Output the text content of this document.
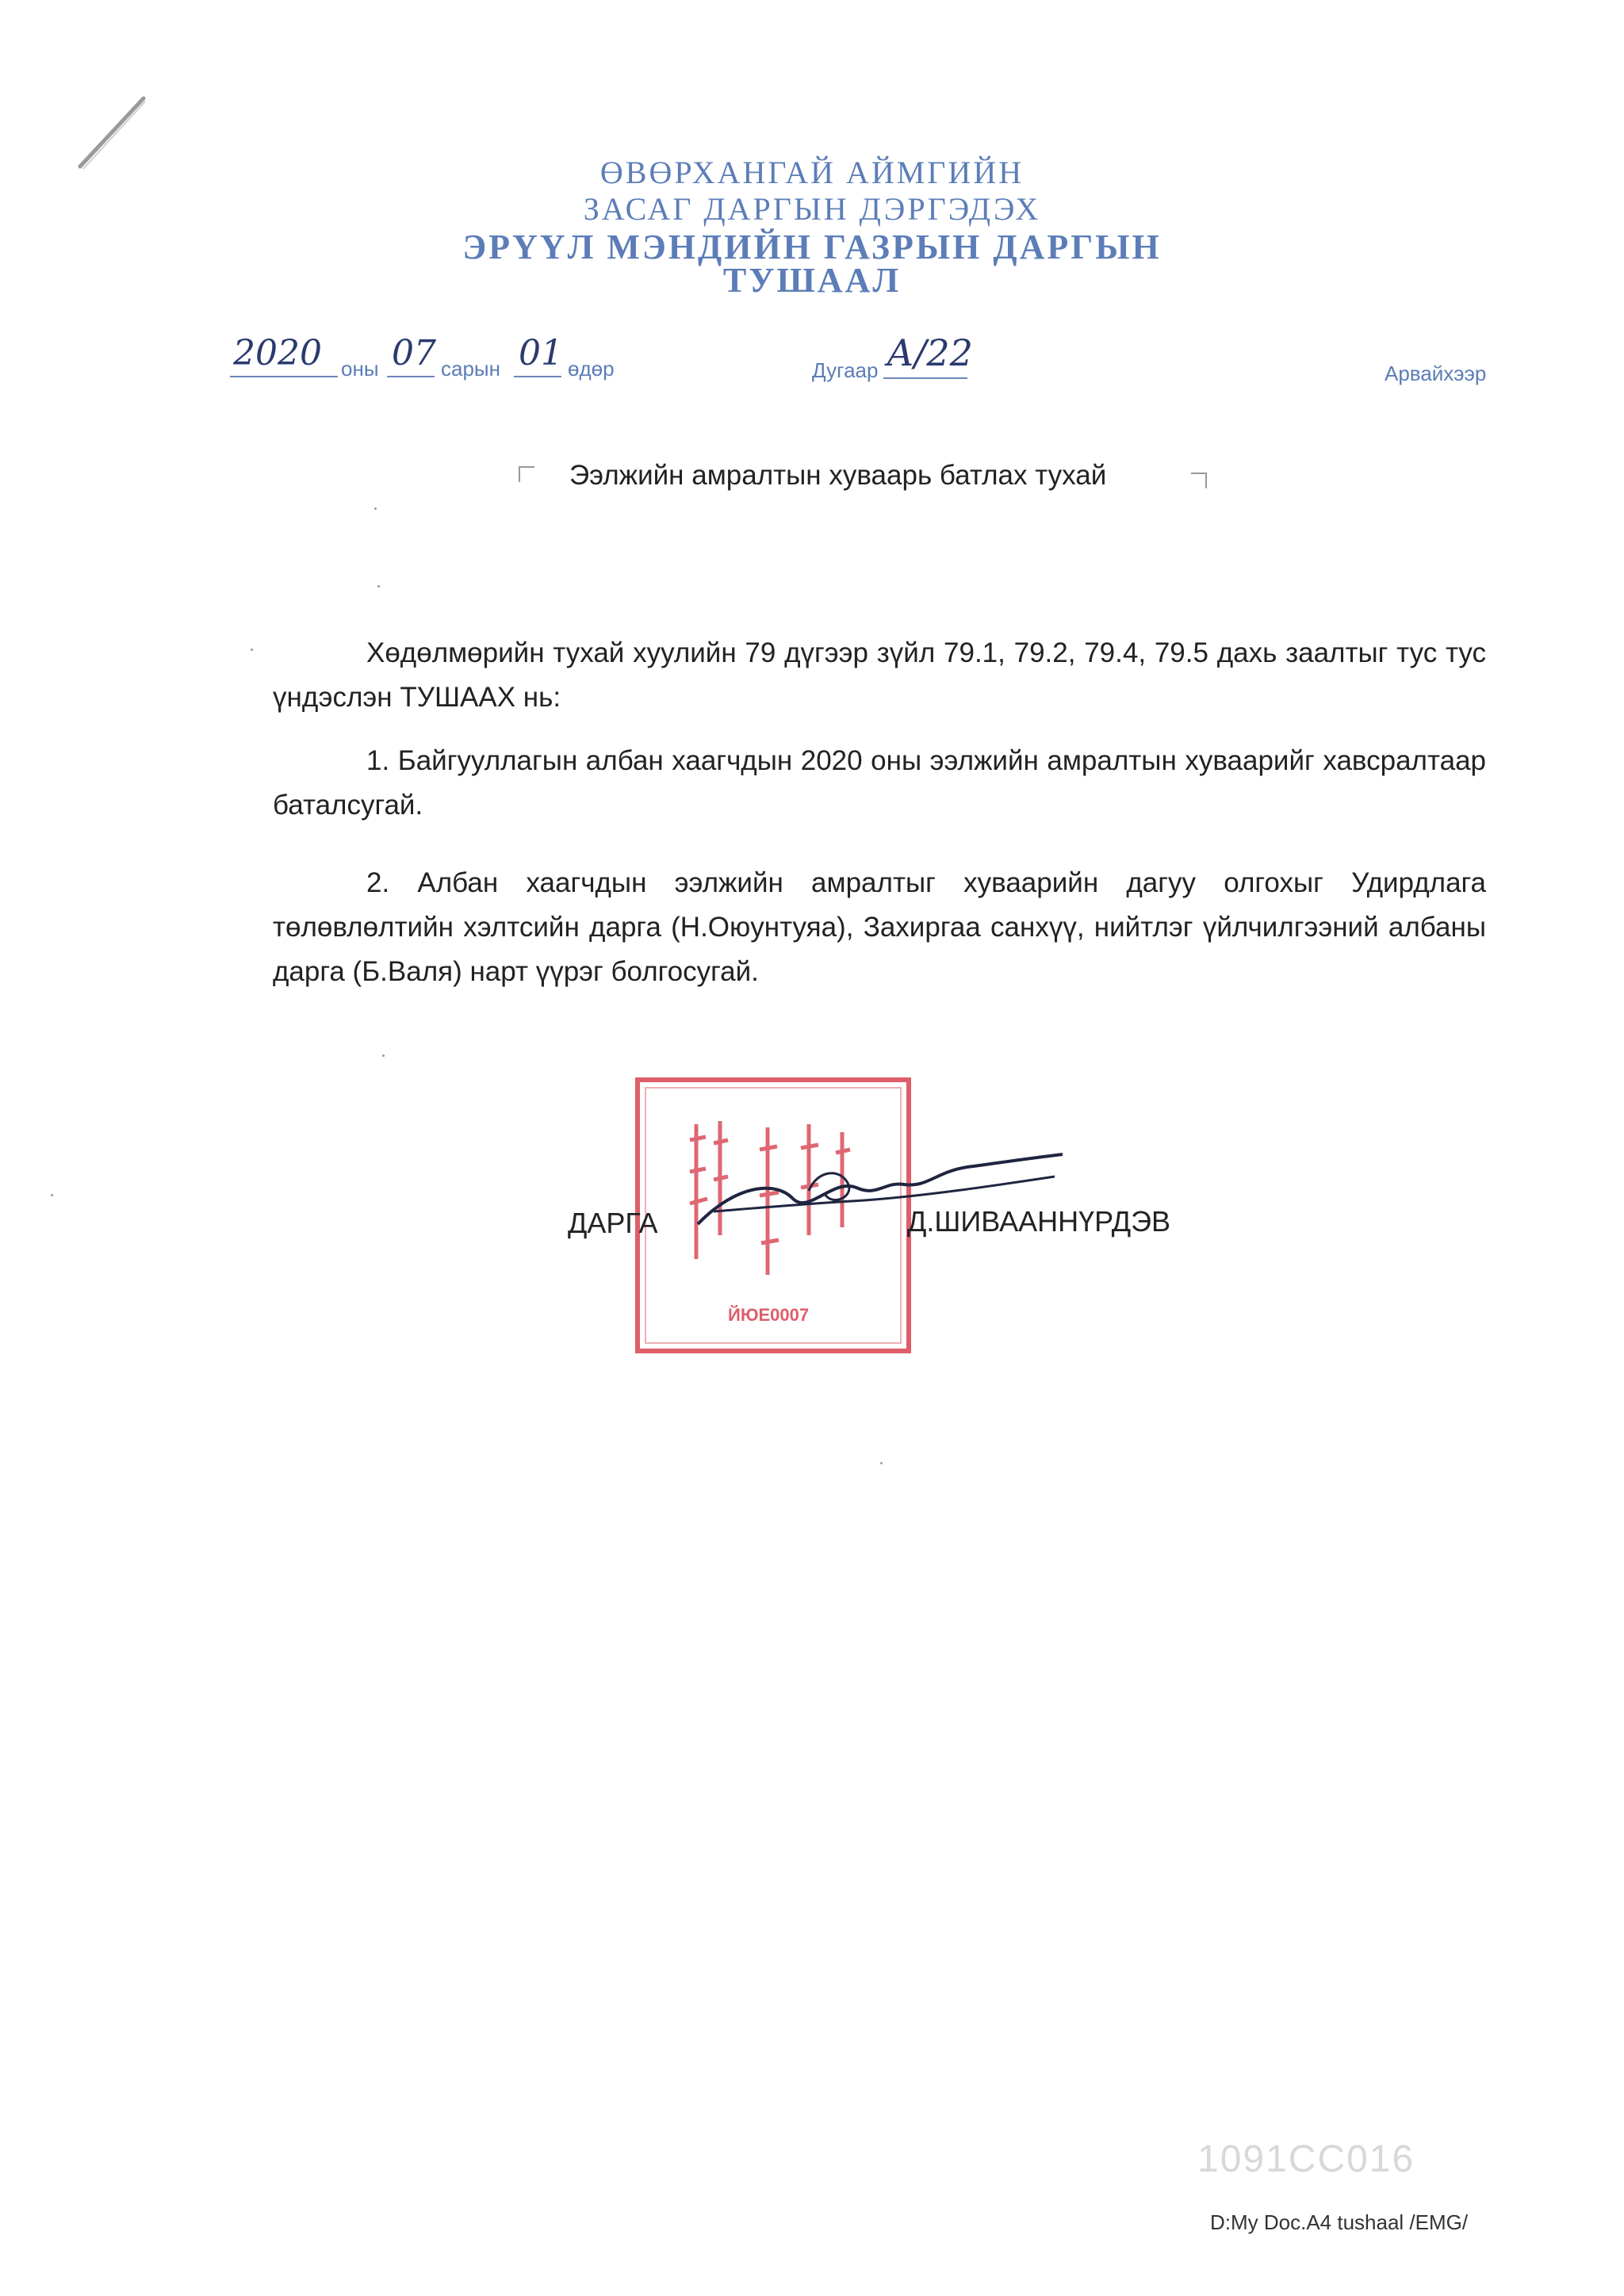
ӨВӨРХАНГАЙ АЙМГИЙН
ЗАСАГ ДАРГЫН ДЭРГЭДЭХ
ЭРҮҮЛ МЭНДИЙН ГАЗРЫН ДАРГЫН
ТУШААЛ
2020 оны 07 сарын 01 өдөр	Дугаар А/22	Арвайхээр
Ээлжийн амралтын хуваарь батлах тухай
Хөдөлмөрийн тухай хуулийн 79 дүгээр зүйл 79.1, 79.2, 79.4, 79.5 дахь заалтыг тус тус үндэслэн ТУШААХ нь:
1. Байгууллагын албан хаагчдын 2020 оны ээлжийн амралтын хуваарийг хавсралтаар баталсугай.
2. Албан хаагчдын ээлжийн амралтыг хуваарийн дагуу олгохыг Удирдлага төлөвлөлтийн хэлтсийн дарга (Н.Оюунтуяа), Захиргаа санхүү, нийтлэг үйлчилгээний албаны дарга (Б.Валя) нарт үүрэг болгосугай.
ЙЮЕ0007
ДАРГА	Д.ШИВААННҮРДЭВ
1091CC016
D:My Doc.A4 tushaal /EMG/
